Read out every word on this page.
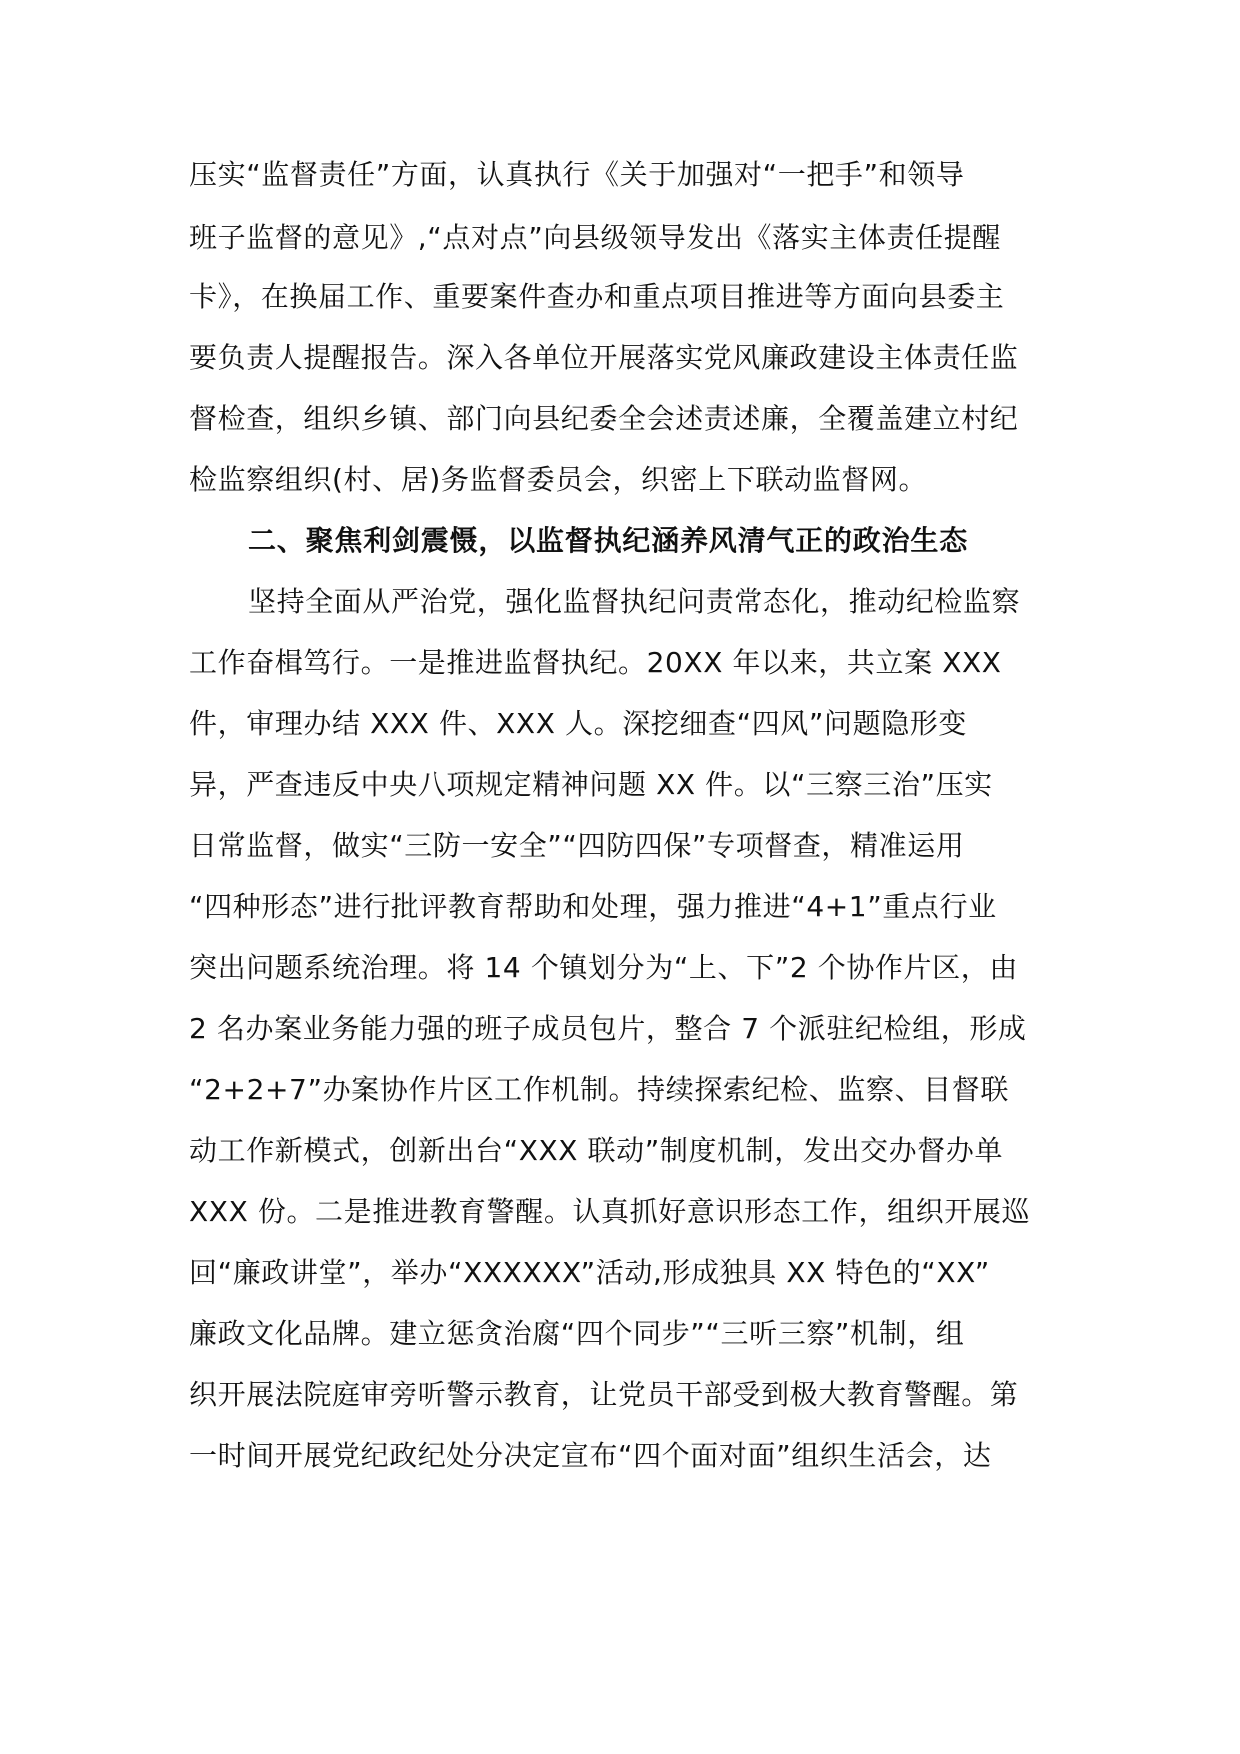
压实“监督责任”方面，认真执行《关于加强对“一把手”和领导
班子监督的意见》,“点对点”向县级领导发出《落实主体责任提醒
卡》，在换届工作、重要案件查办和重点项目推进等方面向县委主
要负责人提醒报告。深入各单位开展落实党风廉政建设主体责任监
督检查，组织乡镇、部门向县纪委全会述责述廉，全覆盖建立村纪
检监察组织(村、居)务监督委员会，织密上下联动监督网。
二、聚焦利剑震慑，以监督执纪涵养风清气正的政治生态
坚持全面从严治党，强化监督执纪问责常态化，推动纪检监察
工作奋楫笃行。一是推进监督执纪。20XX 年以来，共立案 XXX
件，审理办结 XXX 件、XXX 人。深挖细查“四风”问题隐形变
异，严查违反中央八项规定精神问题 XX 件。以“三察三治”压实
日常监督，做实“三防一安全”“四防四保”专项督查，精准运用
“四种形态”进行批评教育帮助和处理，强力推进“4+1”重点行业
突出问题系统治理。将 14 个镇划分为“上、下”2 个协作片区，由
2 名办案业务能力强的班子成员包片，整合 7 个派驻纪检组，形成
“2+2+7”办案协作片区工作机制。持续探索纪检、监察、目督联
动工作新模式，创新出台“XXX 联动”制度机制，发出交办督办单
XXX 份。二是推进教育警醒。认真抓好意识形态工作，组织开展巡
回“廉政讲堂”，举办“XXXXXX”活动,形成独具 XX 特色的“XX”
廉政文化品牌。建立惩贪治腐“四个同步”“三听三察”机制，组
织开展法院庭审旁听警示教育，让党员干部受到极大教育警醒。第
一时间开展党纪政纪处分决定宣布“四个面对面”组织生活会，达
